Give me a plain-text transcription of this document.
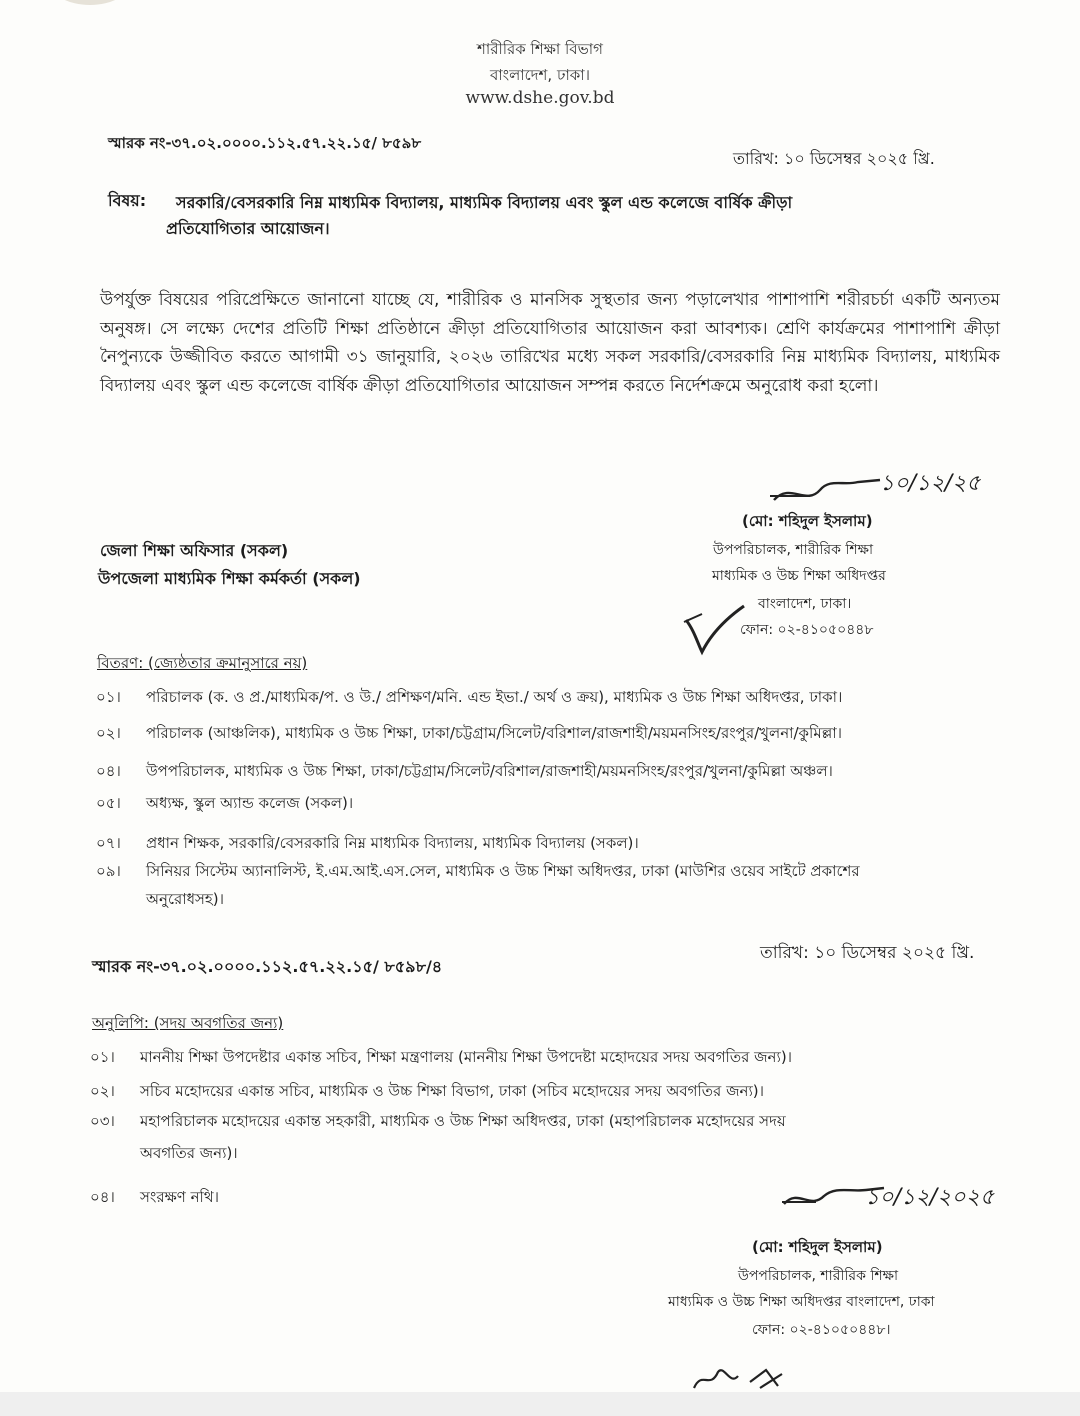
শারীরিক শিক্ষা বিভাগ
বাংলাদেশ, ঢাকা।
www.dshe.gov.bd
স্মারক নং-৩৭.০২.০০০০.১১২.৫৭.২২.১৫/ ৮৫৯৮
তারিখ: ১০ ডিসেম্বর ২০২৫ খ্রি.
বিষয়: সরকারি/বেসরকারি নিম্ন মাধ্যমিক বিদ্যালয়, মাধ্যমিক বিদ্যালয় এবং স্কুল এন্ড কলেজে বার্ষিক ক্রীড়া
প্রতিযোগিতার আয়োজন।
উপর্যুক্ত বিষয়ের পরিপ্রেক্ষিতে জানানো যাচ্ছে যে, শারীরিক ও মানসিক সুস্থতার জন্য পড়ালেখার পাশাপাশি শরীরচর্চা একটি অন্যতম অনুষঙ্গ। সে লক্ষ্যে দেশের প্রতিটি শিক্ষা প্রতিষ্ঠানে ক্রীড়া প্রতিযোগিতার আয়োজন করা আবশ্যক। শ্রেণি কার্যক্রমের পাশাপাশি ক্রীড়া নৈপুন্যকে উজ্জীবিত করতে আগামী ৩১ জানুয়ারি, ২০২৬ তারিখের মধ্যে সকল সরকারি/বেসরকারি নিম্ন মাধ্যমিক বিদ্যালয়, মাধ্যমিক বিদ্যালয় এবং স্কুল এন্ড কলেজে বার্ষিক ক্রীড়া প্রতিযোগিতার আয়োজন সম্পন্ন করতে নির্দেশক্রমে অনুরোধ করা হলো।
১০/১২/২৫
(মো: শহিদুল ইসলাম)
উপপরিচালক, শারীরিক শিক্ষা
মাধ্যমিক ও উচ্চ শিক্ষা অধিদপ্তর
বাংলাদেশ, ঢাকা।
ফোন: ০২-৪১০৫০৪৪৮
জেলা শিক্ষা অফিসার (সকল)
উপজেলা মাধ্যমিক শিক্ষা কর্মকর্তা (সকল)
বিতরণ: (জ্যেষ্ঠতার ক্রমানুসারে নয়)
০১। পরিচালক (ক. ও প্র./মাধ্যমিক/প. ও উ./ প্রশিক্ষণ/মনি. এন্ড ইভা./ অর্থ ও ক্রয়), মাধ্যমিক ও উচ্চ শিক্ষা অধিদপ্তর, ঢাকা।
০২। পরিচালক (আঞ্চলিক), মাধ্যমিক ও উচ্চ শিক্ষা, ঢাকা/চট্টগ্রাম/সিলেট/বরিশাল/রাজশাহী/ময়মনসিংহ/রংপুর/খুলনা/কুমিল্লা।
০৪। উপপরিচালক, মাধ্যমিক ও উচ্চ শিক্ষা, ঢাকা/চট্টগ্রাম/সিলেট/বরিশাল/রাজশাহী/ময়মনসিংহ/রংপুর/খুলনা/কুমিল্লা অঞ্চল।
০৫। অধ্যক্ষ, স্কুল অ্যান্ড কলেজ (সকল)।
০৭। প্রধান শিক্ষক, সরকারি/বেসরকারি নিম্ন মাধ্যমিক বিদ্যালয়, মাধ্যমিক বিদ্যালয় (সকল)।
০৯। সিনিয়র সিস্টেম অ্যানালিস্ট, ই.এম.আই.এস.সেল, মাধ্যমিক ও উচ্চ শিক্ষা অধিদপ্তর, ঢাকা (মাউশির ওয়েব সাইটে প্রকাশের
অনুরোধসহ)।
স্মারক নং-৩৭.০২.০০০০.১১২.৫৭.২২.১৫/ ৮৫৯৮/৪
তারিখ: ১০ ডিসেম্বর ২০২৫ খ্রি.
অনুলিপি: (সদয় অবগতির জন্য)
০১। মাননীয় শিক্ষা উপদেষ্টার একান্ত সচিব, শিক্ষা মন্ত্রণালয় (মাননীয় শিক্ষা উপদেষ্টা মহোদয়ের সদয় অবগতির জন্য)।
০২। সচিব মহোদয়ের একান্ত সচিব, মাধ্যমিক ও উচ্চ শিক্ষা বিভাগ, ঢাকা (সচিব মহোদয়ের সদয় অবগতির জন্য)।
০৩। মহাপরিচালক মহোদয়ের একান্ত সহকারী, মাধ্যমিক ও উচ্চ শিক্ষা অধিদপ্তর, ঢাকা (মহাপরিচালক মহোদয়ের সদয়
অবগতির জন্য)।
০৪। সংরক্ষণ নথি।	১০/১২/২০২৫
(মো: শহিদুল ইসলাম)
উপপরিচালক, শারীরিক শিক্ষা
মাধ্যমিক ও উচ্চ শিক্ষা অধিদপ্তর বাংলাদেশ, ঢাকা
ফোন: ০২-৪১০৫০৪৪৮।
